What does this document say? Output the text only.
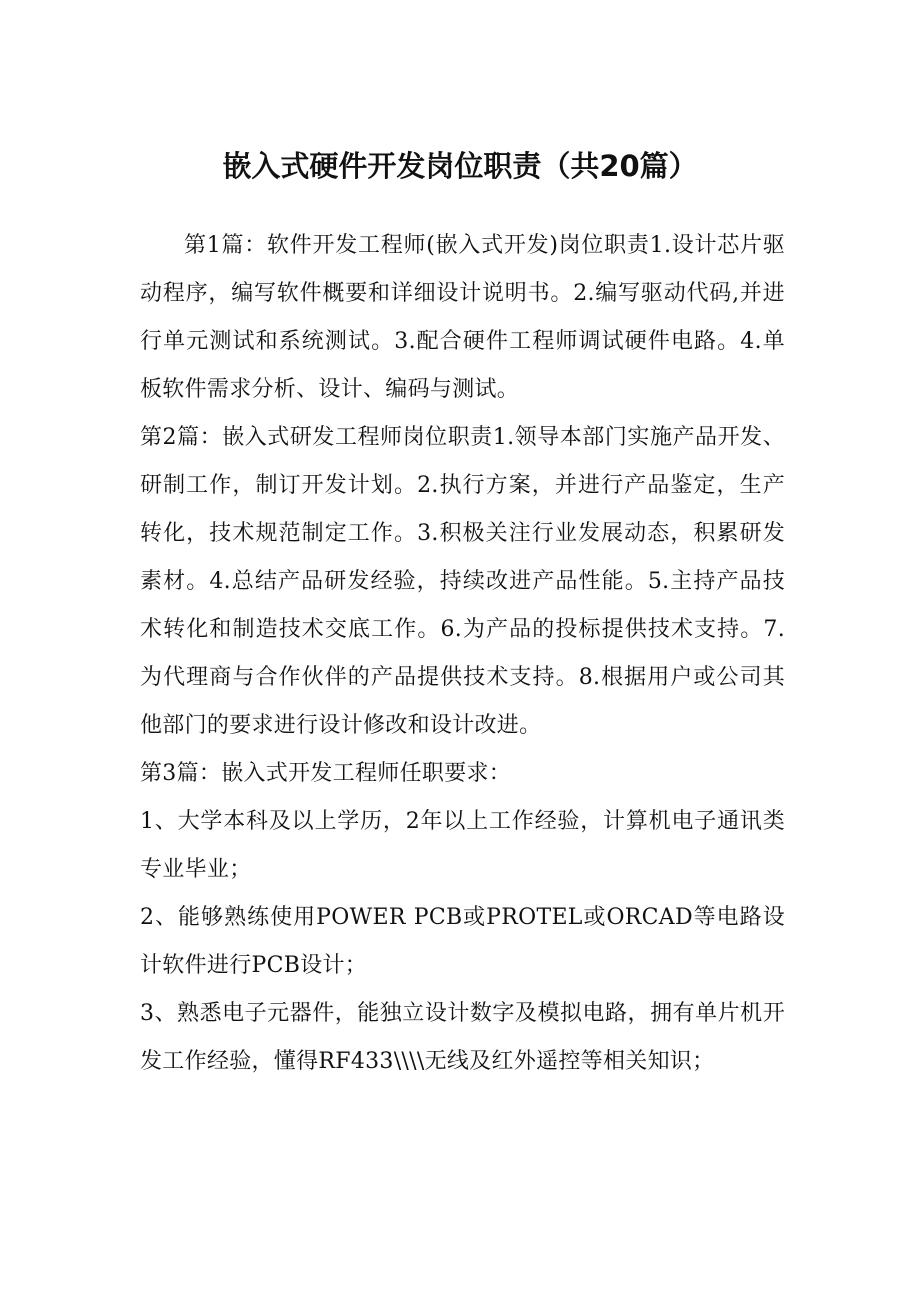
嵌入式硬件开发岗位职责（共20篇）

第1篇：软件开发工程师(嵌入式开发)岗位职责1.设计芯片驱动程序，编写软件概要和详细设计说明书。2.编写驱动代码,并进行单元测试和系统测试。3.配合硬件工程师调试硬件电路。4.单板软件需求分析、设计、编码与测试。

第2篇：嵌入式研发工程师岗位职责1.领导本部门实施产品开发、研制工作，制订开发计划。2.执行方案，并进行产品鉴定，生产转化，技术规范制定工作。3.积极关注行业发展动态，积累研发素材。4.总结产品研发经验，持续改进产品性能。5.主持产品技术转化和制造技术交底工作。6.为产品的投标提供技术支持。7.为代理商与合作伙伴的产品提供技术支持。8.根据用户或公司其他部门的要求进行设计修改和设计改进。

第3篇：嵌入式开发工程师任职要求：

1、大学本科及以上学历，2年以上工作经验，计算机电子通讯类专业毕业；

2、能够熟练使用POWER PCB或PROTEL或ORCAD等电路设计软件进行PCB设计；

3、熟悉电子元器件，能独立设计数字及模拟电路，拥有单片机开发工作经验，懂得RF433\\\\无线及红外遥控等相关知识；
